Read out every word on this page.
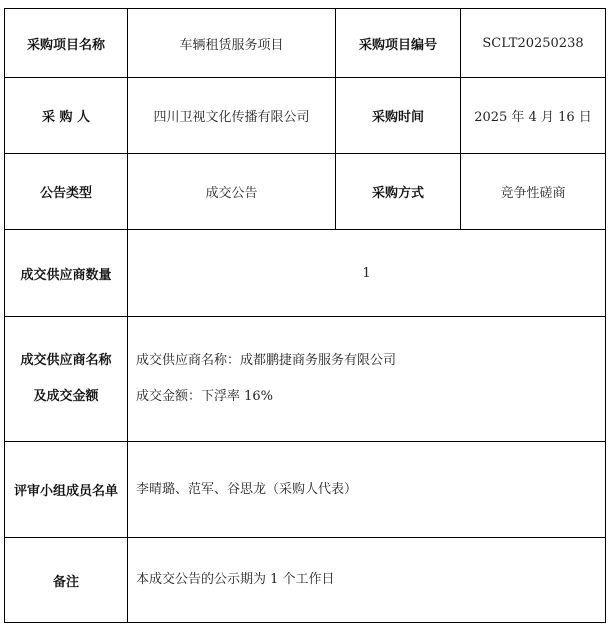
采购项目名称	车辆租赁服务项目	采购项目编号	SCLT20250238
采 购 人	四川卫视文化传播有限公司	采购时间	2025 年 4 月 16 日
公告类型	成交公告	采购方式	竞争性磋商
成交供应商数量	1		

成交供应商名称
及成交金额	成交供应商名称：成都鹏捷商务服务有限公司
成交金额：下浮率 16%		

评审小组成员名单	李晴璐、范军、谷思龙（采购人代表）		
备注	本成交公告的公示期为 1 个工作日		
